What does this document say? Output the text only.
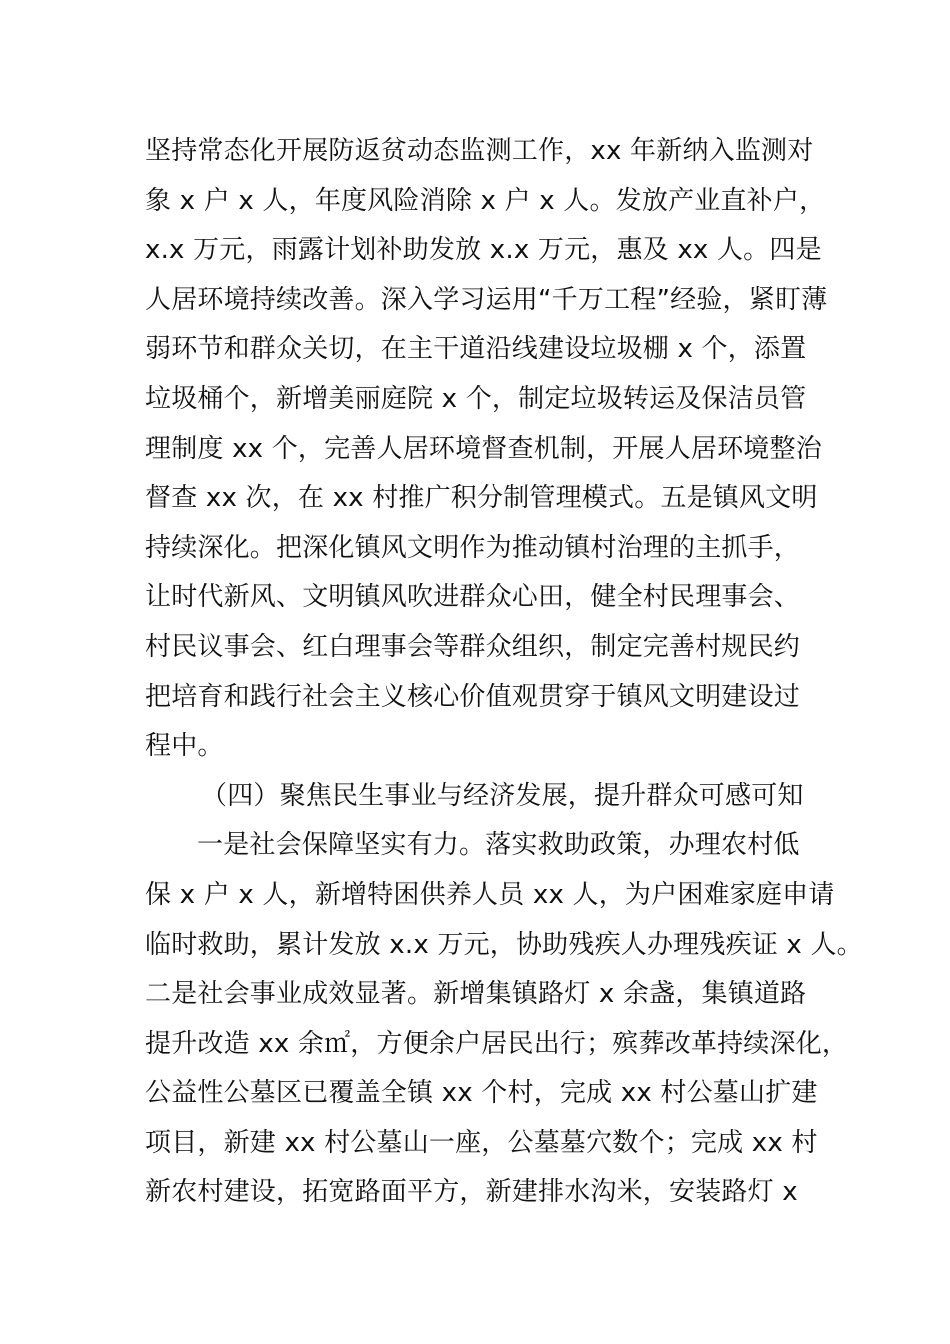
坚持常态化开展防返贫动态监测工作，xx 年新纳入监测对
象 x 户 x 人，年度风险消除 x 户 x 人。发放产业直补户，
x.x 万元，雨露计划补助发放 x.x 万元，惠及 xx 人。四是
人居环境持续改善。深入学习运用“千万工程”经验，紧盯薄
弱环节和群众关切，在主干道沿线建设垃圾棚 x 个，添置
垃圾桶个，新增美丽庭院 x 个，制定垃圾转运及保洁员管
理制度 xx 个，完善人居环境督查机制，开展人居环境整治
督查 xx 次，在 xx 村推广积分制管理模式。五是镇风文明
持续深化。把深化镇风文明作为推动镇村治理的主抓手，
让时代新风、文明镇风吹进群众心田，健全村民理事会、
村民议事会、红白理事会等群众组织，制定完善村规民约
把培育和践行社会主义核心价值观贯穿于镇风文明建设过
程中。
（四）聚焦民生事业与经济发展，提升群众可感可知
一是社会保障坚实有力。落实救助政策，办理农村低
保 x 户 x 人，新增特困供养人员 xx 人，为户困难家庭申请
临时救助，累计发放 x.x 万元，协助残疾人办理残疾证 x 人。
二是社会事业成效显著。新增集镇路灯 x 余盏，集镇道路
提升改造 xx 余㎡，方便余户居民出行；殡葬改革持续深化，
公益性公墓区已覆盖全镇 xx 个村，完成 xx 村公墓山扩建
项目，新建 xx 村公墓山一座，公墓墓穴数个；完成 xx 村
新农村建设，拓宽路面平方，新建排水沟米，安装路灯 x
